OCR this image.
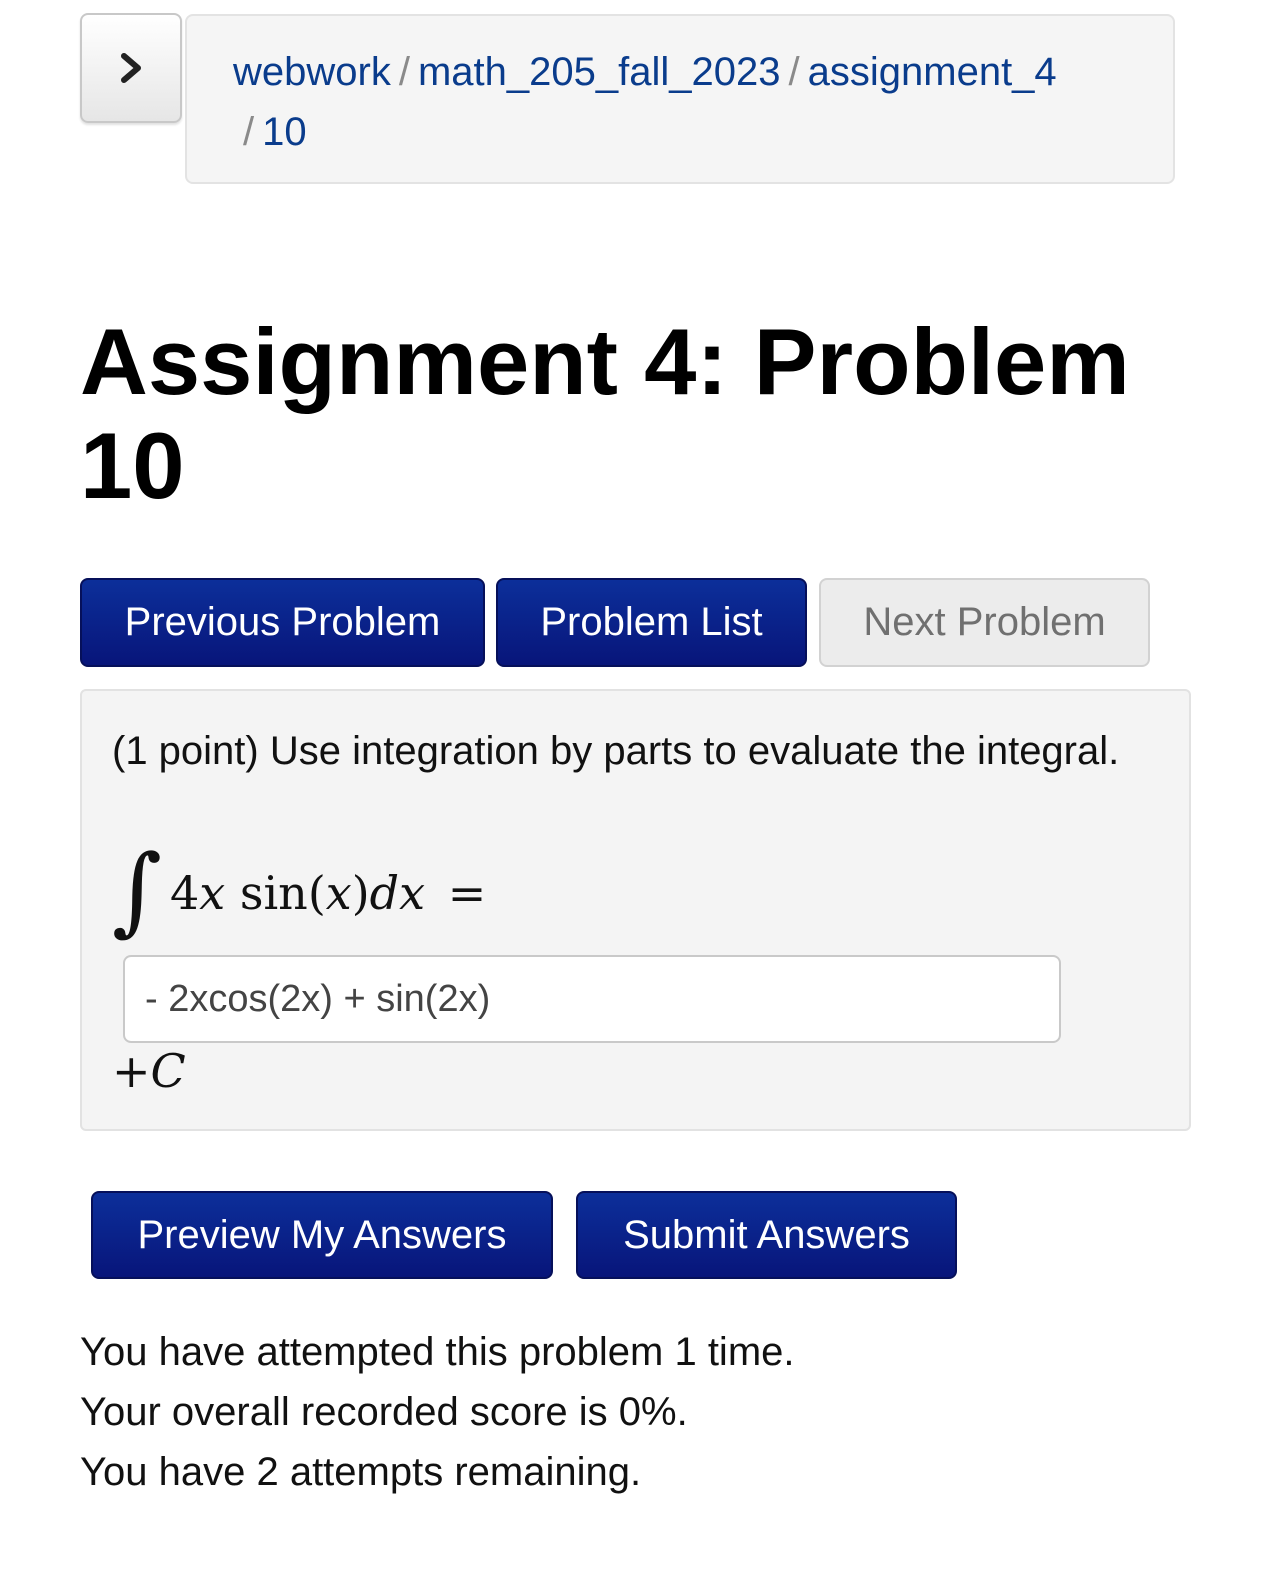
webwork / math_205_fall_2023 / assignment_4
/ 10
Assignment 4: Problem 10
Previous Problem	Problem List	Next Problem
(1 point) Use integration by parts to evaluate the integral.
∫ 4x sin(x)dx =
- 2xcos(2x) + sin(2x)
+C
Preview My Answers	Submit Answers
You have attempted this problem 1 time.
Your overall recorded score is 0%.
You have 2 attempts remaining.
